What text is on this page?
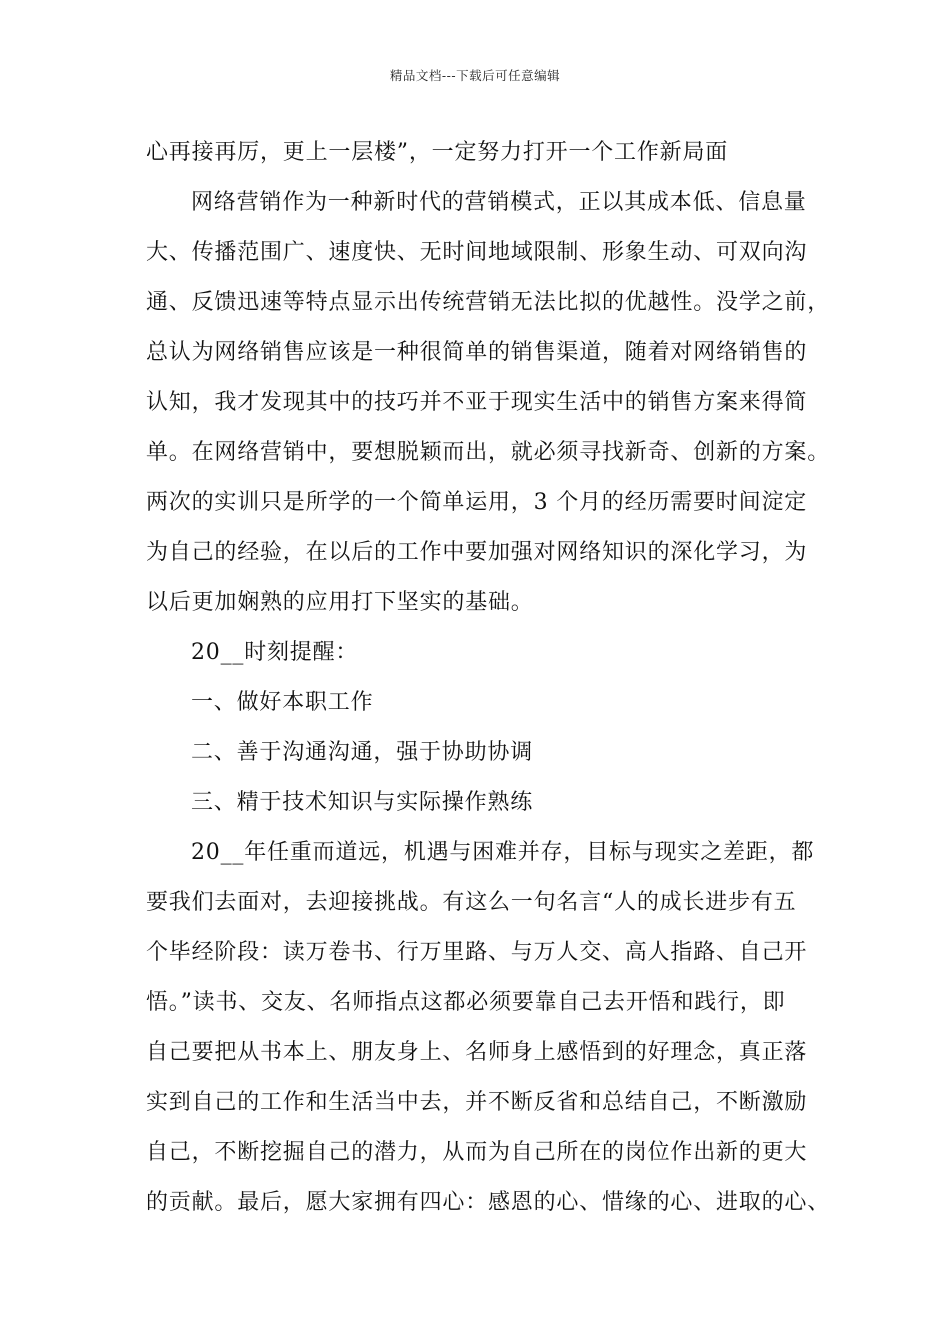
精品文档---下载后可任意编辑
心再接再厉，更上一层楼”，一定努力打开一个工作新局面
网络营销作为一种新时代的营销模式，正以其成本低、信息量
大、传播范围广、速度快、无时间地域限制、形象生动、可双向沟
通、反馈迅速等特点显示出传统营销无法比拟的优越性。没学之前，
总认为网络销售应该是一种很简单的销售渠道，随着对网络销售的
认知，我才发现其中的技巧并不亚于现实生活中的销售方案来得简
单。在网络营销中，要想脱颖而出，就必须寻找新奇、创新的方案。
两次的实训只是所学的一个简单运用，3 个月的经历需要时间淀定
为自己的经验，在以后的工作中要加强对网络知识的深化学习，为
以后更加娴熟的应用打下坚实的基础。
20__时刻提醒：
一、做好本职工作
二、善于沟通沟通，强于协助协调
三、精于技术知识与实际操作熟练
20__年任重而道远，机遇与困难并存，目标与现实之差距，都
要我们去面对，去迎接挑战。有这么一句名言“人的成长进步有五
个毕经阶段：读万卷书、行万里路、与万人交、高人指路、自己开
悟。”读书、交友、名师指点这都必须要靠自己去开悟和践行，即
自己要把从书本上、朋友身上、名师身上感悟到的好理念，真正落
实到自己的工作和生活当中去，并不断反省和总结自己，不断激励
自己，不断挖掘自己的潜力，从而为自己所在的岗位作出新的更大
的贡献。最后，愿大家拥有四心：感恩的心、惜缘的心、进取的心、
